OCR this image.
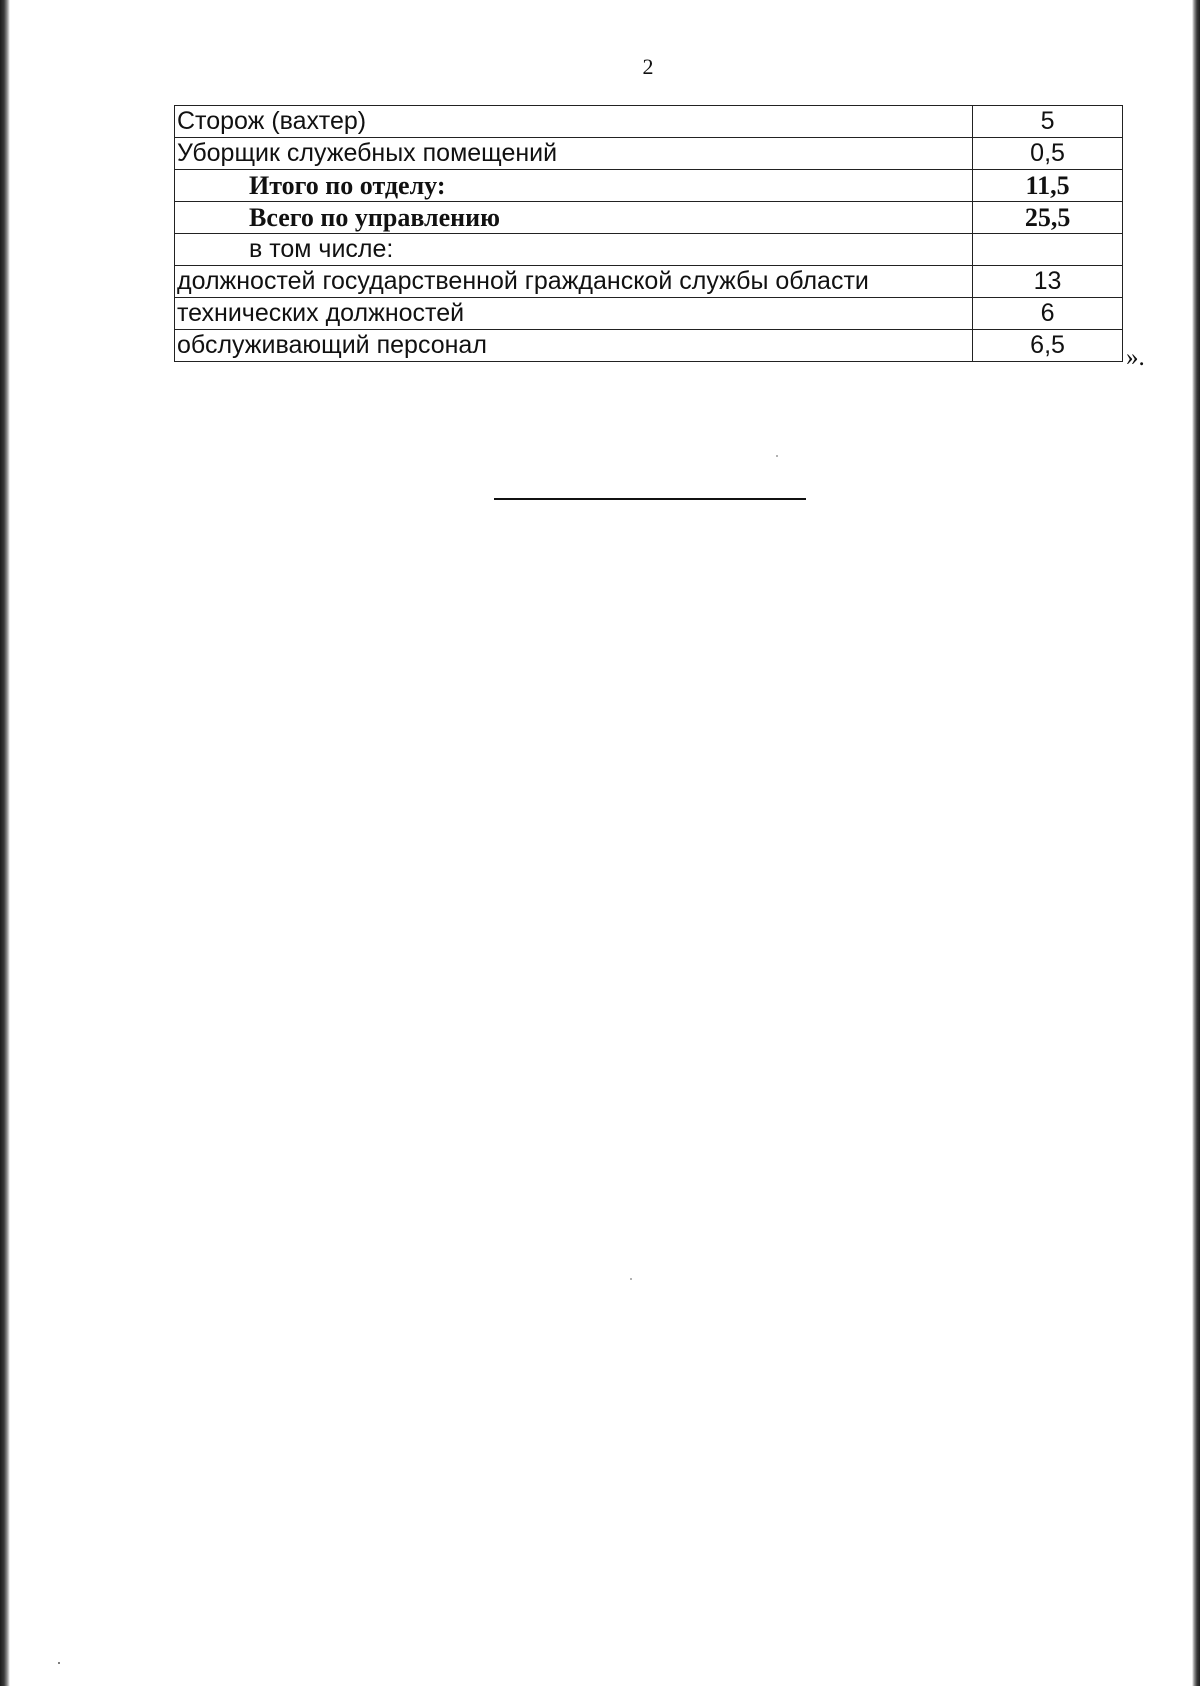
2
Сторож (вахтер)	5
Уборщик служебных помещений	0,5
Итого по отделу:	11,5
Всего по управлению	25,5
в том числе:	
должностей государственной гражданской службы области	13
технических должностей	6
обслуживающий персонал	6,5 ».
